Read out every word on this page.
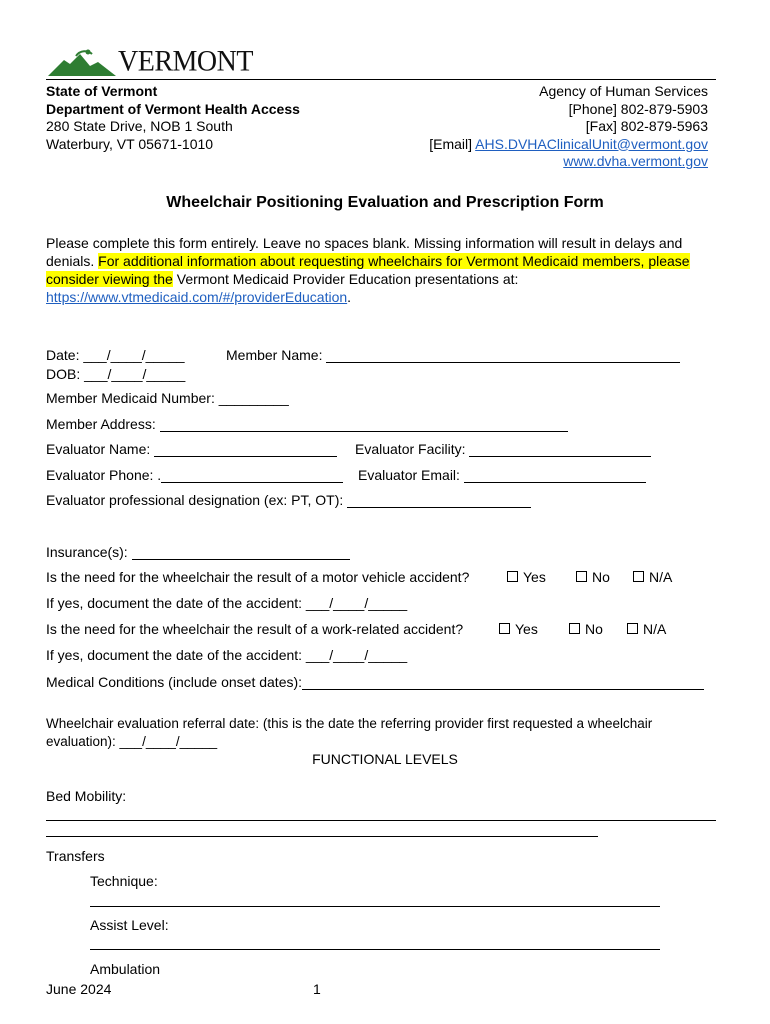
VERMONT
State of Vermont
Department of Vermont Health Access
280 State Drive, NOB 1 South
Waterbury, VT 05671-1010
Agency of Human Services
[Phone] 802-879-5903
[Fax] 802-879-5963
[Email] AHS.DVHAClinicalUnit@vermont.gov
www.dvha.vermont.gov
Wheelchair Positioning Evaluation and Prescription Form
Please complete this form entirely. Leave no spaces blank. Missing information will result in delays and denials. For additional information about requesting wheelchairs for Vermont Medicaid members, please consider viewing the Vermont Medicaid Provider Education presentations at: https://www.vtmedicaid.com/#/providerEducation.
Date: ___/____/_____	Member Name:
DOB: ___/____/_____
Member Medicaid Number: _________
Member Address:
Evaluator Name:	Evaluator Facility:
Evaluator Phone: .	Evaluator Email:
Evaluator professional designation (ex: PT, OT):
Insurance(s):
Is the need for the wheelchair the result of a motor vehicle accident?	Yes	No	N/A
If yes, document the date of the accident: ___/____/_____
Is the need for the wheelchair the result of a work-related accident?	Yes	No	N/A
If yes, document the date of the accident: ___/____/_____
Medical Conditions (include onset dates):
Wheelchair evaluation referral date: (this is the date the referring provider first requested a wheelchair evaluation): ___/____/_____
FUNCTIONAL LEVELS
Bed Mobility:
Transfers
Technique:
Assist Level:
Ambulation
June 2024	1
